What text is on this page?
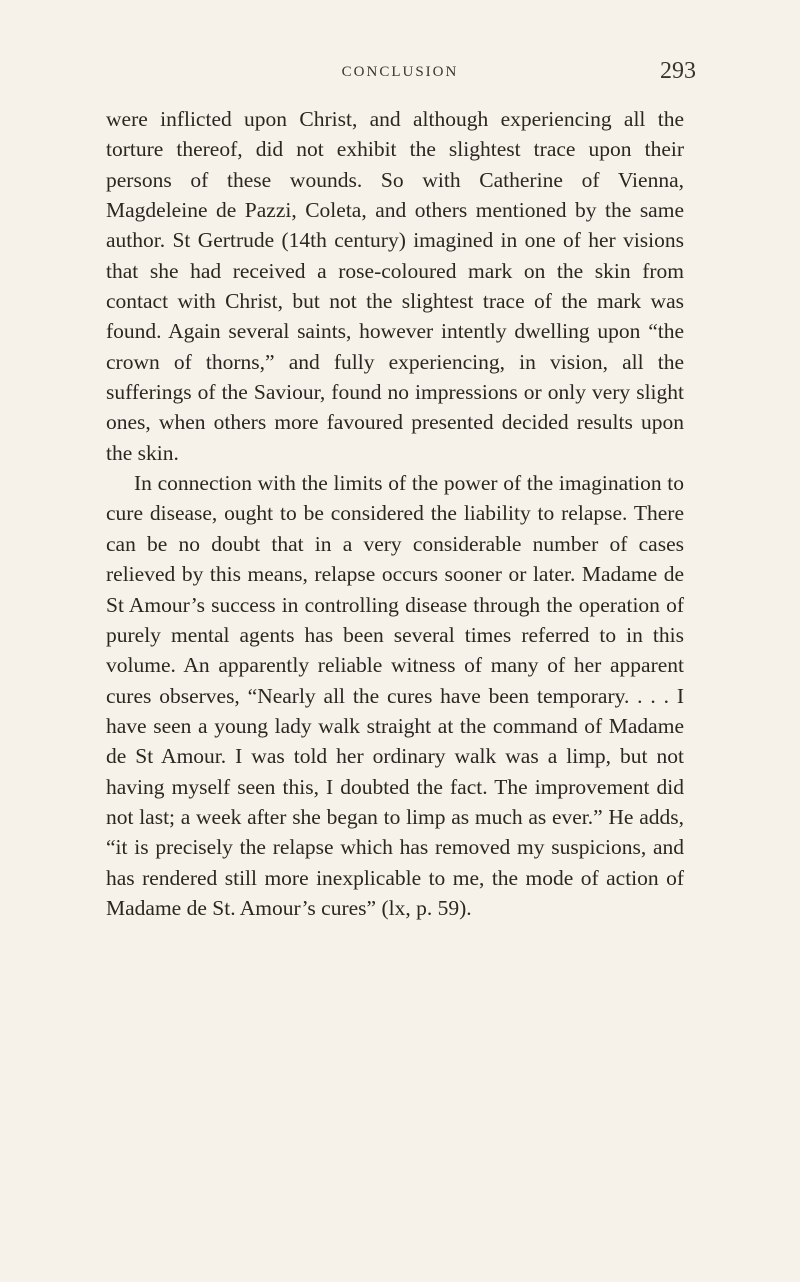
CONCLUSION	293

were inflicted upon Christ, and although experiencing all the torture thereof, did not exhibit the slightest trace upon their persons of these wounds. So with Catherine of Vienna, Magdeleine de Pazzi, Coleta, and others mentioned by the same author. St Gertrude (14th century) imagined in one of her visions that she had received a rose-coloured mark on the skin from contact with Christ, but not the slightest trace of the mark was found. Again several saints, however intently dwelling upon “the crown of thorns,” and fully experiencing, in vision, all the sufferings of the Saviour, found no impressions or only very slight ones, when others more favoured presented decided results upon the skin.

In connection with the limits of the power of the imagination to cure disease, ought to be considered the liability to relapse. There can be no doubt that in a very considerable number of cases relieved by this means, relapse occurs sooner or later. Madame de St Amour’s success in controlling disease through the operation of purely mental agents has been several times referred to in this volume. An apparently reliable witness of many of her apparent cures observes, “Nearly all the cures have been temporary. . . . I have seen a young lady walk straight at the command of Madame de St Amour. I was told her ordinary walk was a limp, but not having myself seen this, I doubted the fact. The improvement did not last; a week after she began to limp as much as ever.” He adds, “it is precisely the relapse which has removed my suspicions, and has rendered still more inexplicable to me, the mode of action of Madame de St. Amour’s cures” (lx, p. 59).
